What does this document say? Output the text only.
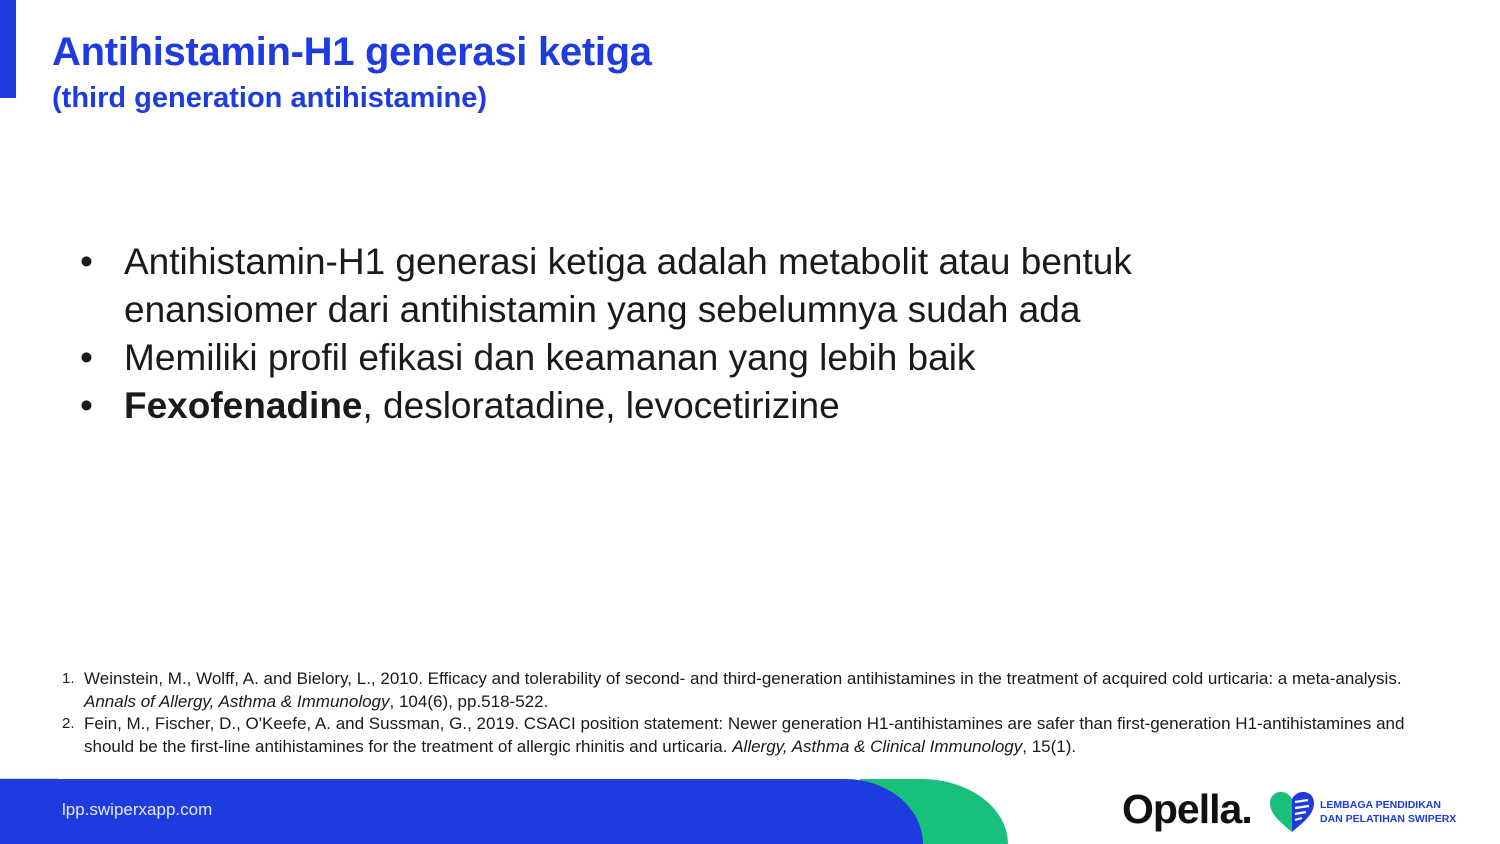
Antihistamin-H1 generasi ketiga
(third generation antihistamine)
• Antihistamin-H1 generasi ketiga adalah metabolit atau bentuk enansiomer dari antihistamin yang sebelumnya sudah ada
• Memiliki profil efikasi dan keamanan yang lebih baik
• Fexofenadine, desloratadine, levocetirizine
1. Weinstein, M., Wolff, A. and Bielory, L., 2010. Efficacy and tolerability of second- and third-generation antihistamines in the treatment of acquired cold urticaria: a meta-analysis. Annals of Allergy, Asthma & Immunology, 104(6), pp.518-522.
2. Fein, M., Fischer, D., O'Keefe, A. and Sussman, G., 2019. CSACI position statement: Newer generation H1-antihistamines are safer than first-generation H1-antihistamines and should be the first-line antihistamines for the treatment of allergic rhinitis and urticaria. Allergy, Asthma & Clinical Immunology, 15(1).
lpp.swiperxapp.com	Opella.	LEMBAGA PENDIDIKAN
DAN PELATIHAN SWIPERX
